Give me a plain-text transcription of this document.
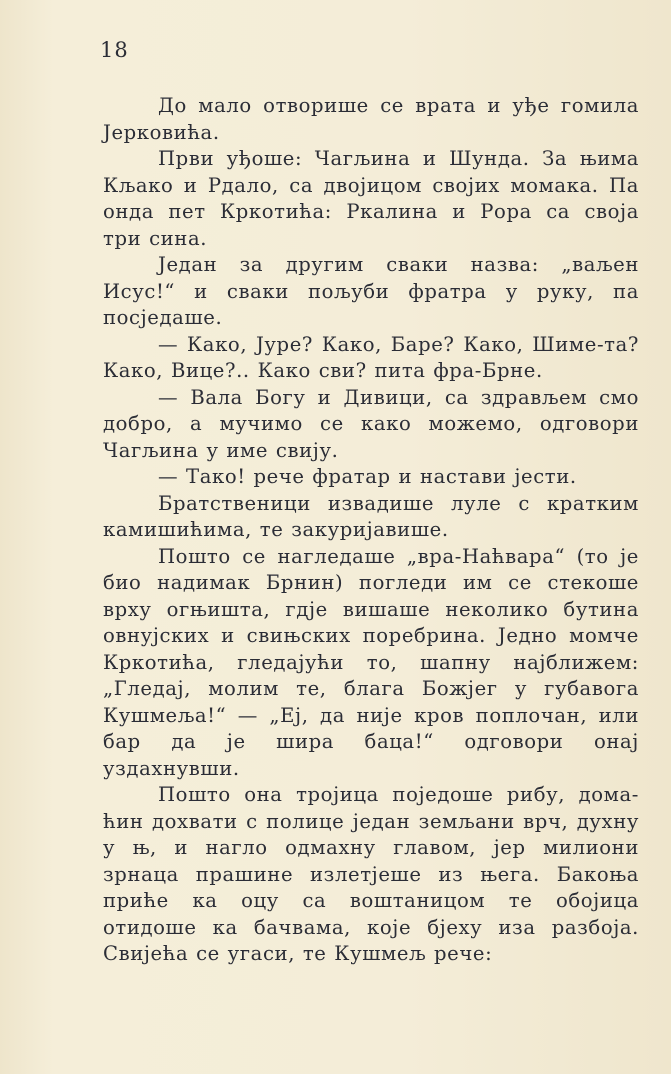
18

До мало отворише се врата и уђе гомила Јерковића.

Први уђоше: Чагљина и Шунда. За њима Кљако и Рдало, са двојицом својих момака. Па онда пет Кркотића: Ркалина и Рора са своја три сина.

Један за другим сваки назва: „ваљен Исус!“ и сваки пољуби фратра у руку, па посједаше.

— Како, Јуре? Како, Баре? Како, Шиме-та? Како, Вице?.. Како сви? пита фра-Брне.

— Вала Богу и Дивици, са здрављем смо добро, а мучимо се како можемо, одговори Чагљина у име свију.

— Тако! рече фратар и настави јести.

Братственици извадише луле с кратким камишићима, те закуријавише.

Пошто се нагледаше „вра-Наћвара“ (то је био надимак Брнин) погледи им се стекоше врху огњишта, гдје вишаше неколико бутина овнујских и свињских поребрина. Једно момче Кркотића, гледајући то, шапну најближем: „Гледај, молим те, блага Божјег у губавога Кушмеља!“ — „Еј, да није кров поплочан, или бар да је шира баца!“ одговори онај уздахнувши.

Пошто она тројица поједоше рибу, дома-ћин дохвати с полице један земљани врч, духну у њ, и нагло одмахну главом, јер милиони зрнаца прашине излетјеше из њега. Бакоња прићe ка оцу са воштаницом те обојица отидоше ка бачвама, које бјеху иза разбоја. Свијећа се угаси, те Кушмељ рече:
